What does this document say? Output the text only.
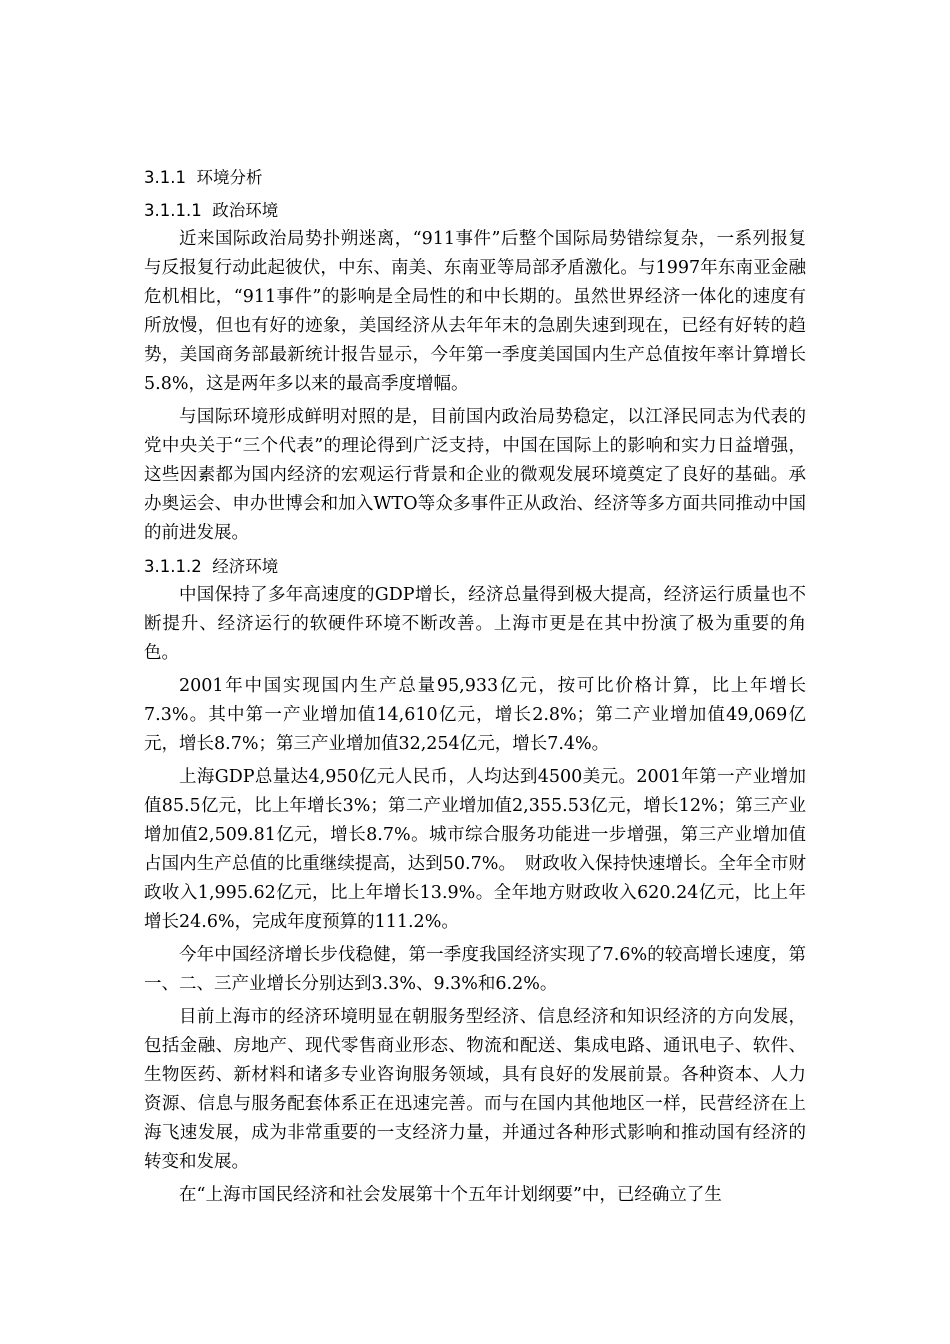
3.1.1  环境分析
3.1.1.1  政治环境

近来国际政治局势扑朔迷离，“911事件”后整个国际局势错综复杂，一系列报复与反报复行动此起彼伏，中东、南美、东南亚等局部矛盾激化。与1997年东南亚金融危机相比，“911事件”的影响是全局性的和中长期的。虽然世界经济一体化的速度有所放慢，但也有好的迹象，美国经济从去年年末的急剧失速到现在，已经有好转的趋势，美国商务部最新统计报告显示，今年第一季度美国国内生产总值按年率计算增长5.8%，这是两年多以来的最高季度增幅。

与国际环境形成鲜明对照的是，目前国内政治局势稳定，以江泽民同志为代表的党中央关于“三个代表”的理论得到广泛支持，中国在国际上的影响和实力日益增强，这些因素都为国内经济的宏观运行背景和企业的微观发展环境奠定了良好的基础。承办奥运会、申办世博会和加入WTO等众多事件正从政治、经济等多方面共同推动中国的前进发展。

3.1.1.2  经济环境

中国保持了多年高速度的GDP增长，经济总量得到极大提高，经济运行质量也不断提升、经济运行的软硬件环境不断改善。上海市更是在其中扮演了极为重要的角色。

2001年中国实现国内生产总量95,933亿元，按可比价格计算，比上年增长7.3%。其中第一产业增加值14,610亿元，增长2.8%；第二产业增加值49,069亿元，增长8.7%；第三产业增加值32,254亿元，增长7.4%。

上海GDP总量达4,950亿元人民币，人均达到4500美元。2001年第一产业增加值85.5亿元，比上年增长3%；第二产业增加值2,355.53亿元，增长12%；第三产业增加值2,509.81亿元，增长8.7%。城市综合服务功能进一步增强，第三产业增加值占国内生产总值的比重继续提高，达到50.7%。　财政收入保持快速增长。全年全市财政收入1,995.62亿元，比上年增长13.9%。全年地方财政收入620.24亿元，比上年增长24.6%，完成年度预算的111.2%。

今年中国经济增长步伐稳健，第一季度我国经济实现了7.6%的较高增长速度，第一、二、三产业增长分别达到3.3%、9.3%和6.2%。

目前上海市的经济环境明显在朝服务型经济、信息经济和知识经济的方向发展，包括金融、房地产、现代零售商业形态、物流和配送、集成电路、通讯电子、软件、生物医药、新材料和诸多专业咨询服务领域，具有良好的发展前景。各种资本、人力资源、信息与服务配套体系正在迅速完善。而与在国内其他地区一样，民营经济在上海飞速发展，成为非常重要的一支经济力量，并通过各种形式影响和推动国有经济的转变和发展。

在“上海市国民经济和社会发展第十个五年计划纲要”中，已经确立了生
